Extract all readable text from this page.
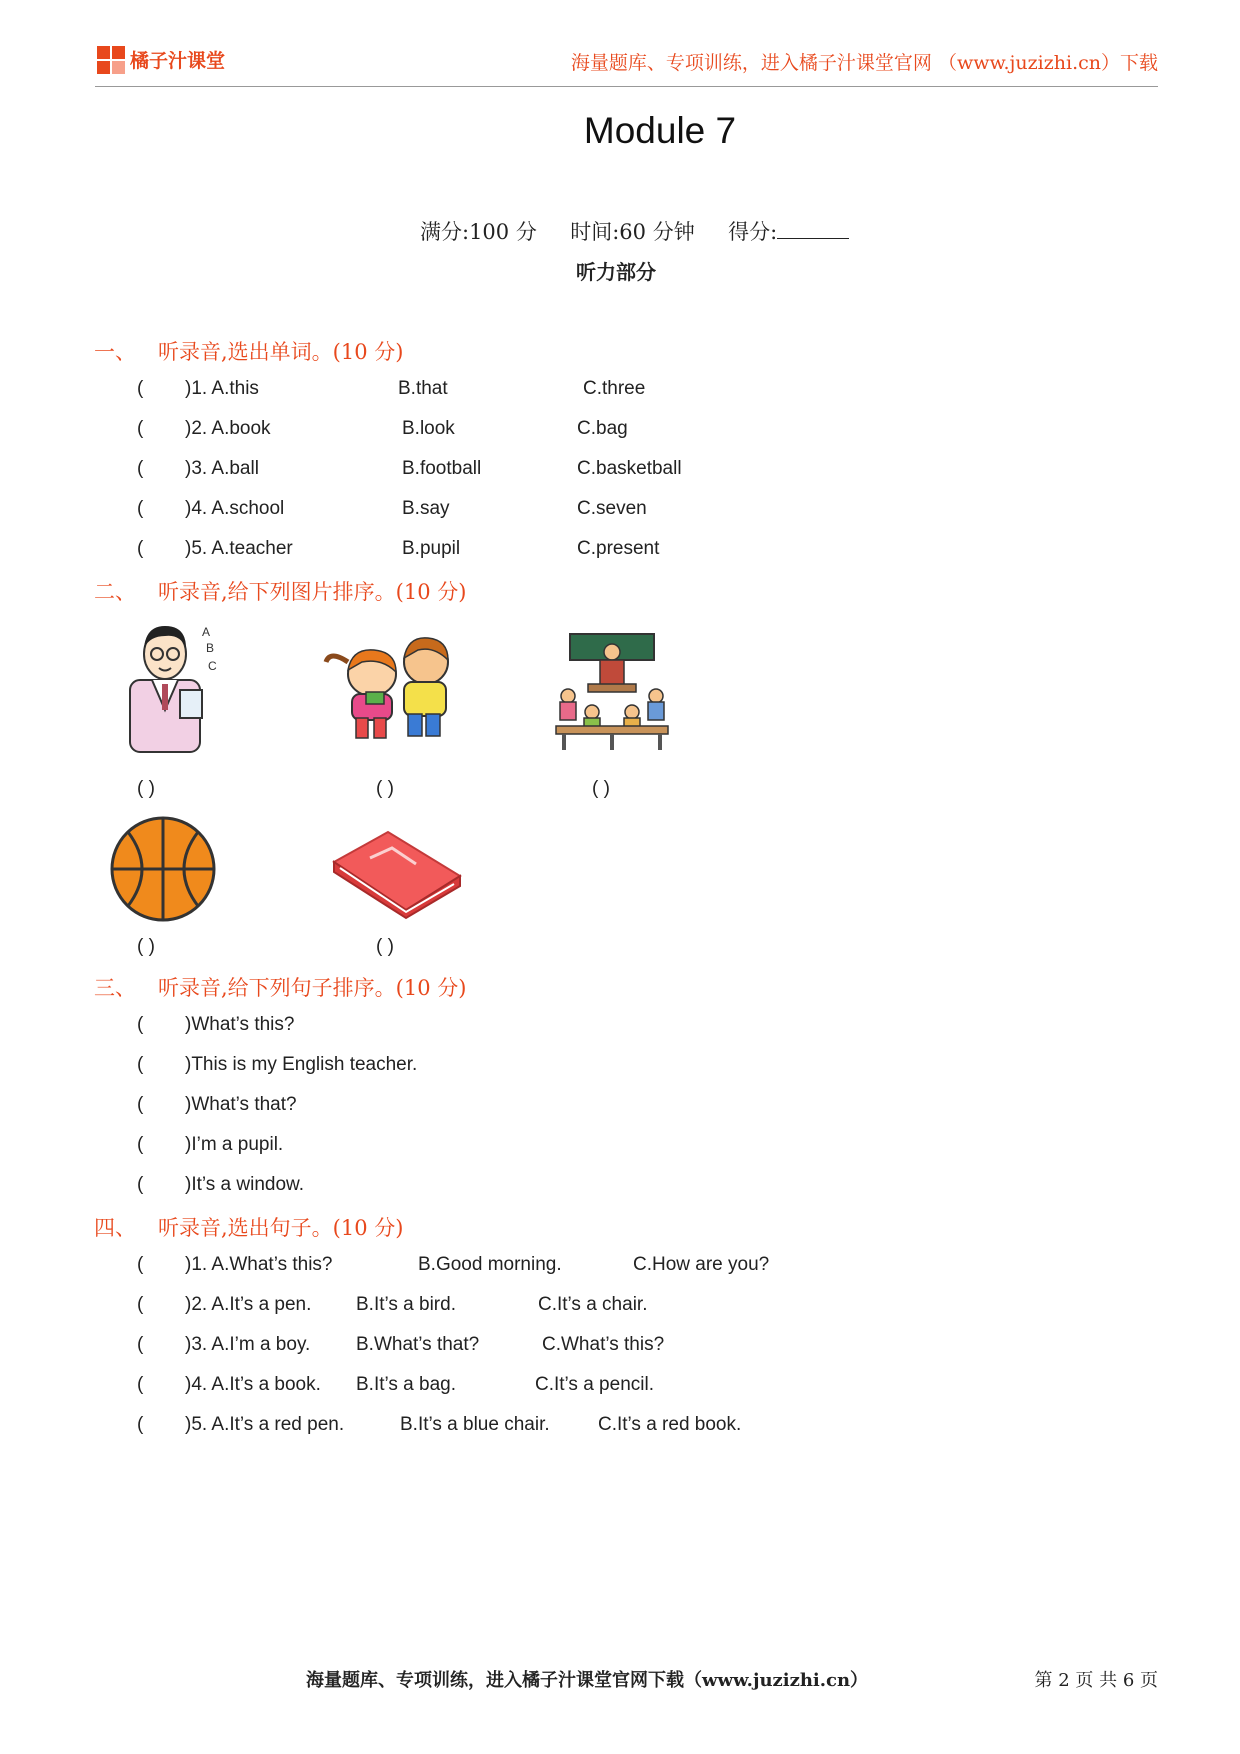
橘子汁课堂	海量题库、专项训练，进入橘子汁课堂官网 （www.juzizhi.cn）下载
Module 7
满分:100 分 时间:60 分钟 得分:
听力部分
一、 听录音,选出单词。(10 分)
( )1. A.this	B.that	C.three
( )2. A.book	B.look	C.bag
( )3. A.ball	B.football	C.basketball
( )4. A.school	B.say	C.seven
( )5. A.teacher	B.pupil	C.present
二、 听录音,给下列图片排序。(10 分)
A
B
C
( )	( )	( )
( )	( )
三、 听录音,给下列句子排序。(10 分)
( )What’s this?
( )This is my English teacher.
( )What’s that?
( )I’m a pupil.
( )It’s a window.
四、 听录音,选出句子。(10 分)
( )1. A.What’s this?	B.Good morning.	C.How are you?
( )2. A.It’s a pen. B.It’s a bird.	C.It’s a chair.
( )3. A.I’m a boy. B.What’s that?	C.What’s this?
( )4. A.It’s a book. B.It’s a bag.	C.It’s a pencil.
( )5. A.It’s a red pen.	B.It’s a blue chair.	C.It’s a red book.
海量题库、专项训练，进入橘子汁课堂官网下载（www.juzizhi.cn）	第 2 页 共 6 页
